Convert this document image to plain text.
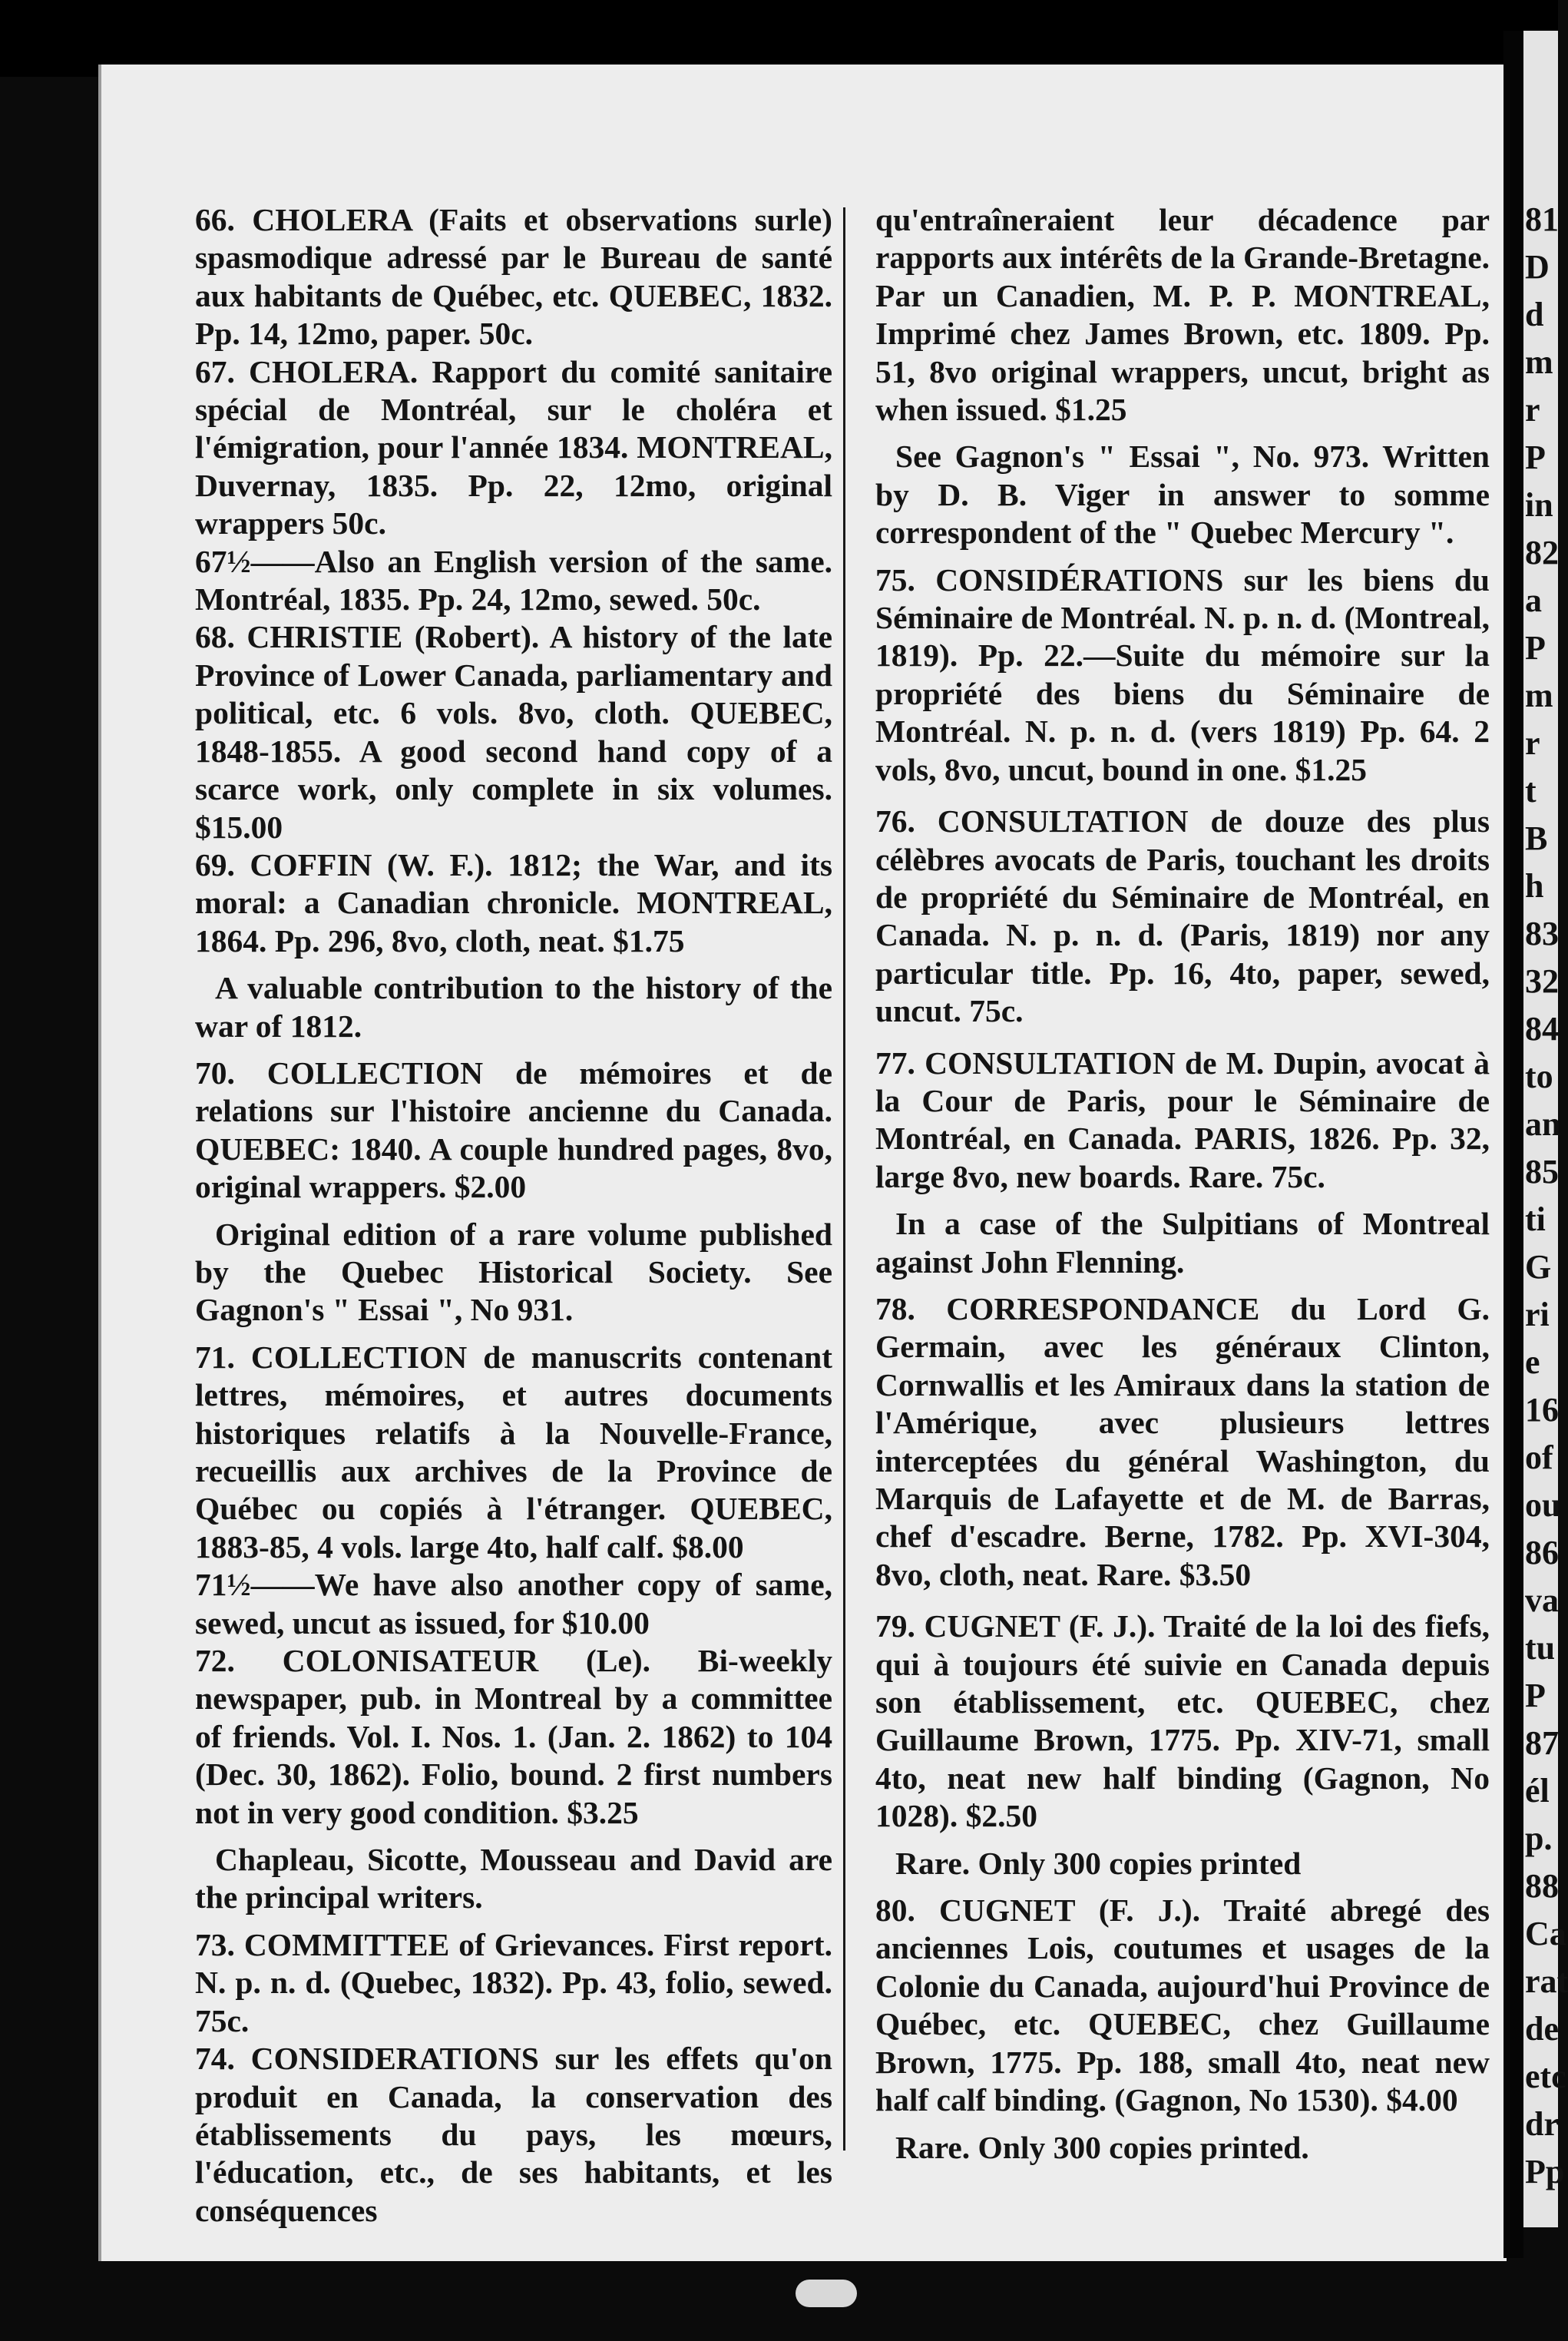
66. CHOLERA (Faits et observations surle) spasmodique adressé par le Bureau de santé aux habitants de Québec, etc. QUEBEC, 1832. Pp. 14, 12mo, paper. 50c.

67. CHOLERA. Rapport du comité sanitaire spécial de Montréal, sur le choléra et l'émigration, pour l'année 1834. MONTREAL, Duvernay, 1835. Pp. 22, 12mo, original wrappers 50c.

67½——Also an English version of the same. Montréal, 1835. Pp. 24, 12mo, sewed. 50c.

68. CHRISTIE (Robert). A history of the late Province of Lower Canada, parliamentary and political, etc. 6 vols. 8vo, cloth. QUEBEC, 1848-1855. A good second hand copy of a scarce work, only complete in six volumes. $15.00

69. COFFIN (W. F.). 1812; the War, and its moral: a Canadian chronicle. MONTREAL, 1864. Pp. 296, 8vo, cloth, neat. $1.75

A valuable contribution to the history of the war of 1812.

70. COLLECTION de mémoires et de relations sur l'histoire ancienne du Canada. QUEBEC: 1840. A couple hundred pages, 8vo, original wrappers. $2.00

Original edition of a rare volume published by the Quebec Historical Society. See Gagnon's " Essai ", No 931.

71. COLLECTION de manuscrits contenant lettres, mémoires, et autres documents historiques relatifs à la Nouvelle-France, recueillis aux archives de la Province de Québec ou copiés à l'étranger. QUEBEC, 1883-85, 4 vols. large 4to, half calf. $8.00

71½——We have also another copy of same, sewed, uncut as issued, for $10.00

72. COLONISATEUR (Le). Bi-weekly newspaper, pub. in Montreal by a committee of friends. Vol. I. Nos. 1. (Jan. 2. 1862) to 104 (Dec. 30, 1862). Folio, bound. 2 first numbers not in very good condition. $3.25

Chapleau, Sicotte, Mousseau and David are the principal writers.

73. COMMITTEE of Grievances. First report. N. p. n. d. (Quebec, 1832). Pp. 43, folio, sewed. 75c.

74. CONSIDERATIONS sur les effets qu'on produit en Canada, la conservation des établissements du pays, les mœurs, l'éducation, etc., de ses habitants, et les conséquences

qu'entraîneraient leur décadence par rapports aux intérêts de la Grande-Bretagne. Par un Canadien, M. P. P. MONTREAL, Imprimé chez James Brown, etc. 1809. Pp. 51, 8vo original wrappers, uncut, bright as when issued. $1.25

See Gagnon's " Essai ", No. 973. Written by D. B. Viger in answer to somme correspondent of the " Quebec Mercury ".

75. CONSIDÉRATIONS sur les biens du Séminaire de Montréal. N. p. n. d. (Montreal, 1819). Pp. 22.—Suite du mémoire sur la propriété des biens du Séminaire de Montréal. N. p. n. d. (vers 1819) Pp. 64. 2 vols, 8vo, uncut, bound in one. $1.25

76. CONSULTATION de douze des plus célèbres avocats de Paris, touchant les droits de propriété du Séminaire de Montréal, en Canada. N. p. n. d. (Paris, 1819) nor any particular title. Pp. 16, 4to, paper, sewed, uncut. 75c.

77. CONSULTATION de M. Dupin, avocat à la Cour de Paris, pour le Séminaire de Montréal, en Canada. PARIS, 1826. Pp. 32, large 8vo, new boards. Rare. 75c.

In a case of the Sulpitians of Montreal against John Flenning.

78. CORRESPONDANCE du Lord G. Germain, avec les généraux Clinton, Cornwallis et les Amiraux dans la station de l'Amérique, avec plusieurs lettres interceptées du général Washington, du Marquis de Lafayette et de M. de Barras, chef d'escadre. Berne, 1782. Pp. XVI-304, 8vo, cloth, neat. Rare. $3.50

79. CUGNET (F. J.). Traité de la loi des fiefs, qui à toujours été suivie en Canada depuis son établissement, etc. QUEBEC, chez Guillaume Brown, 1775. Pp. XIV-71, small 4to, neat new half binding (Gagnon, No 1028). $2.50

Rare. Only 300 copies printed

80. CUGNET (F. J.). Traité abregé des anciennes Lois, coutumes et usages de la Colonie du Canada, aujourd'hui Province de Québec, etc. QUEBEC, chez Guillaume Brown, 1775. Pp. 188, small 4to, neat new half calf binding. (Gagnon, No 1530). $4.00

Rare. Only 300 copies printed.

81
D
d
m
r
P
in
82
a
P
m
r
t
B
h
83
32
84
to
an
85
ti
G
ri
e
16
of
ou
86
va
tu
P
87
él
p.
88
Ca
rat
de
etc
dr
Pp
